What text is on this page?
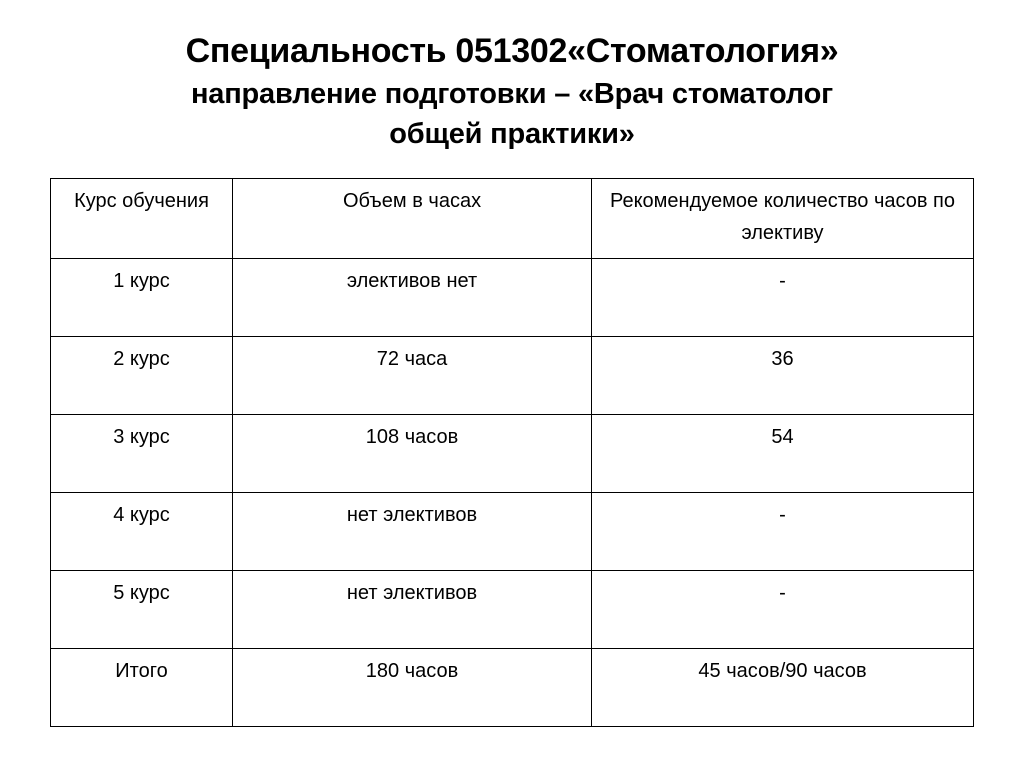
Специальность 051302«Стоматология»
направление подготовки – «Врач стоматолог
общей практики»
Курс обучения	Объем в часах	Рекомендуемое количество часов по элективу
1 курс	элективов нет	-
2 курс	72 часа	36
3 курс	108 часов	54
4 курс	нет элективов	-
5 курс	нет элективов	-
Итого	180 часов	45 часов/90 часов
